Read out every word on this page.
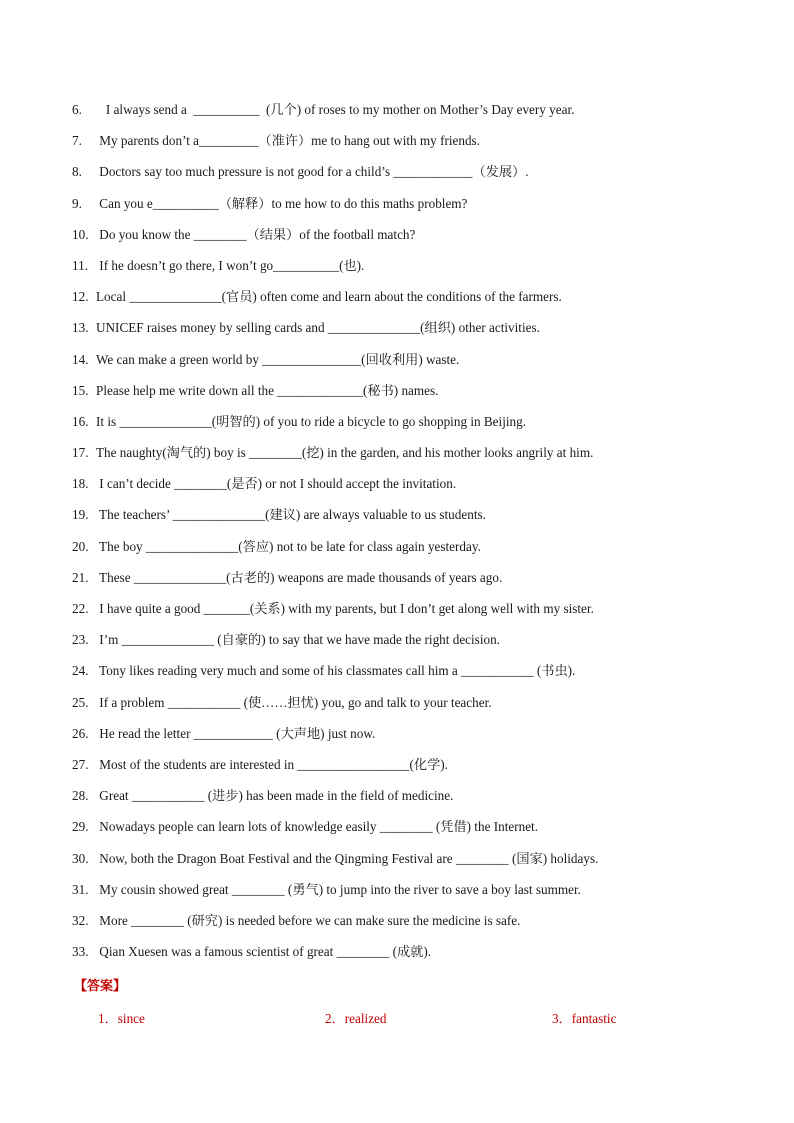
6.	I always send a  __________  (几个) of roses to my mother on Mother’s Day every year.
7.	My parents don’t a_________（准许）me to hang out with my friends.
8.	Doctors say too much pressure is not good for a child’s ____________（发展）.
9.	Can you e__________（解释）to me how to do this maths problem?
10. Do you know the ________（结果）of the football match?
11. If he doesn’t go there, I won’t go__________(也).
12. Local ______________(官员) often come and learn about the conditions of the farmers.
13. UNICEF raises money by selling cards and ______________(组织) other activities.
14. We can make a green world by _______________(回收利用) waste.
15. Please help me write down all the _____________(秘书) names.
16. It is ______________(明智的) of you to ride a bicycle to go shopping in Beijing.
17. The naughty(淘气的) boy is ________(挖) in the garden, and his mother looks angrily at him.
18. I can’t decide ________(是否) or not I should accept the invitation.
19. The teachers’ ______________(建议) are always valuable to us students.
20. The boy ______________(答应) not to be late for class again yesterday.
21. These ______________(古老的) weapons are made thousands of years ago.
22. I have quite a good _______(关系) with my parents, but I don’t get along well with my sister.
23. I’m ______________ (自豪的) to say that we have made the right decision.
24. Tony likes reading very much and some of his classmates call him a ___________ (书虫).
25. If a problem ___________ (使……担忧) you, go and talk to your teacher.
26. He read the letter ____________ (大声地) just now.
27. Most of the students are interested in _________________(化学).
28. Great ___________ (进步) has been made in the field of medicine.
29. Nowadays people can learn lots of knowledge easily ________ (凭借) the Internet.
30. Now, both the Dragon Boat Festival and the Qingming Festival are ________ (国家) holidays.
31. My cousin showed great ________ (勇气) to jump into the river to save a boy last summer.
32. More ________ (研究) is needed before we can make sure the medicine is safe.
33. Qian Xuesen was a famous scientist of great ________ (成就).
【答案】
1．since	2．realized	3．fantastic
